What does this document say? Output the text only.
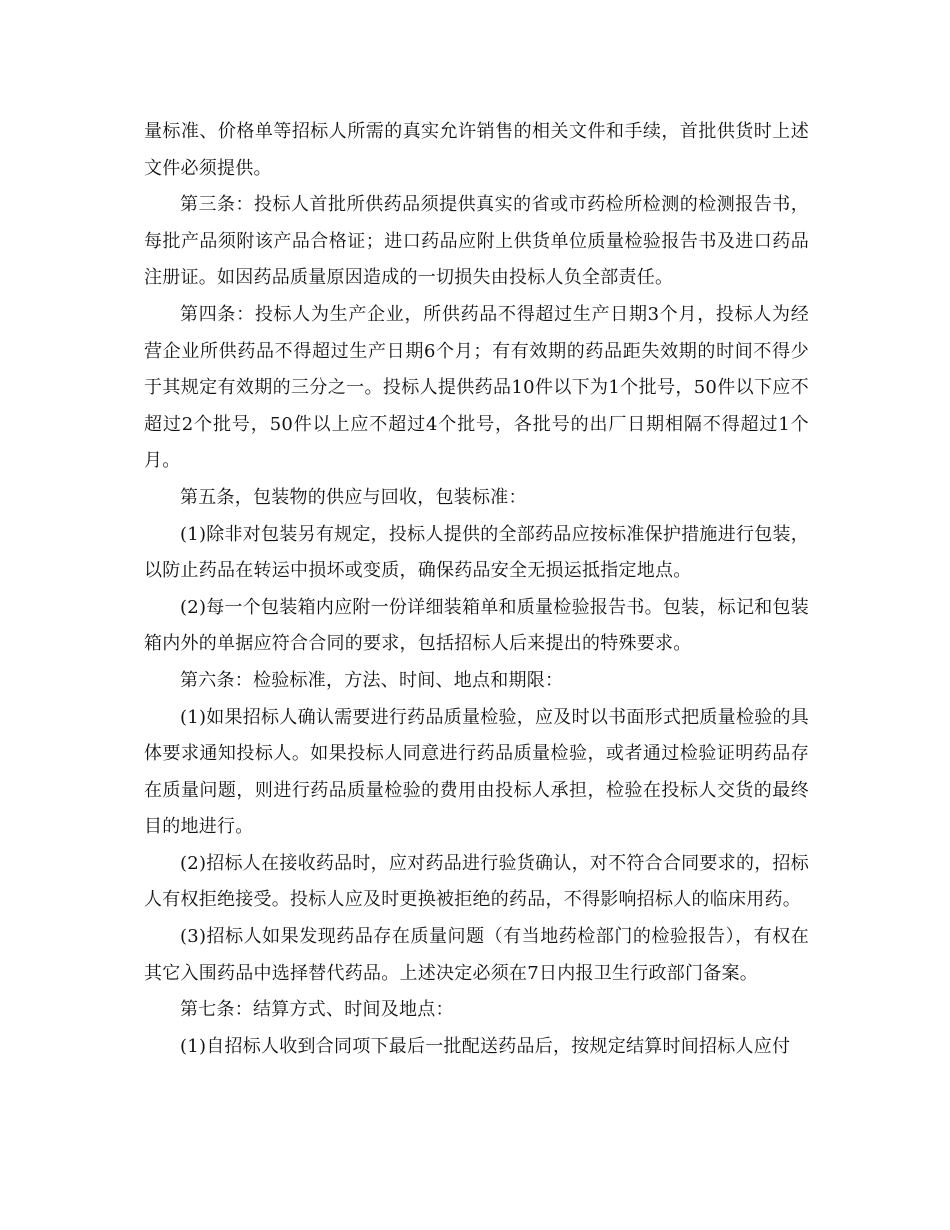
量标准、价格单等招标人所需的真实允许销售的相关文件和手续，首批供货时上述文件必须提供。

第三条：投标人首批所供药品须提供真实的省或市药检所检测的检测报告书，每批产品须附该产品合格证；进口药品应附上供货单位质量检验报告书及进口药品注册证。如因药品质量原因造成的一切损失由投标人负全部责任。

第四条：投标人为生产企业，所供药品不得超过生产日期3个月，投标人为经营企业所供药品不得超过生产日期6个月；有有效期的药品距失效期的时间不得少于其规定有效期的三分之一。投标人提供药品10件以下为1个批号，50件以下应不超过2个批号，50件以上应不超过4个批号，各批号的出厂日期相隔不得超过1个月。

第五条，包装物的供应与回收，包装标准：

(1)除非对包装另有规定，投标人提供的全部药品应按标准保护措施进行包装，以防止药品在转运中损坏或变质，确保药品安全无损运抵指定地点。

(2)每一个包装箱内应附一份详细装箱单和质量检验报告书。包装，标记和包装箱内外的单据应符合合同的要求，包括招标人后来提出的特殊要求。

第六条：检验标准，方法、时间、地点和期限：

(1)如果招标人确认需要进行药品质量检验，应及时以书面形式把质量检验的具体要求通知投标人。如果投标人同意进行药品质量检验，或者通过检验证明药品存在质量问题，则进行药品质量检验的费用由投标人承担，检验在投标人交货的最终目的地进行。

(2)招标人在接收药品时，应对药品进行验货确认，对不符合合同要求的，招标人有权拒绝接受。投标人应及时更换被拒绝的药品，不得影响招标人的临床用药。

(3)招标人如果发现药品存在质量问题（有当地药检部门的检验报告），有权在其它入围药品中选择替代药品。上述决定必须在7日内报卫生行政部门备案。

第七条：结算方式、时间及地点：

(1)自招标人收到合同项下最后一批配送药品后，按规定结算时间招标人应付
